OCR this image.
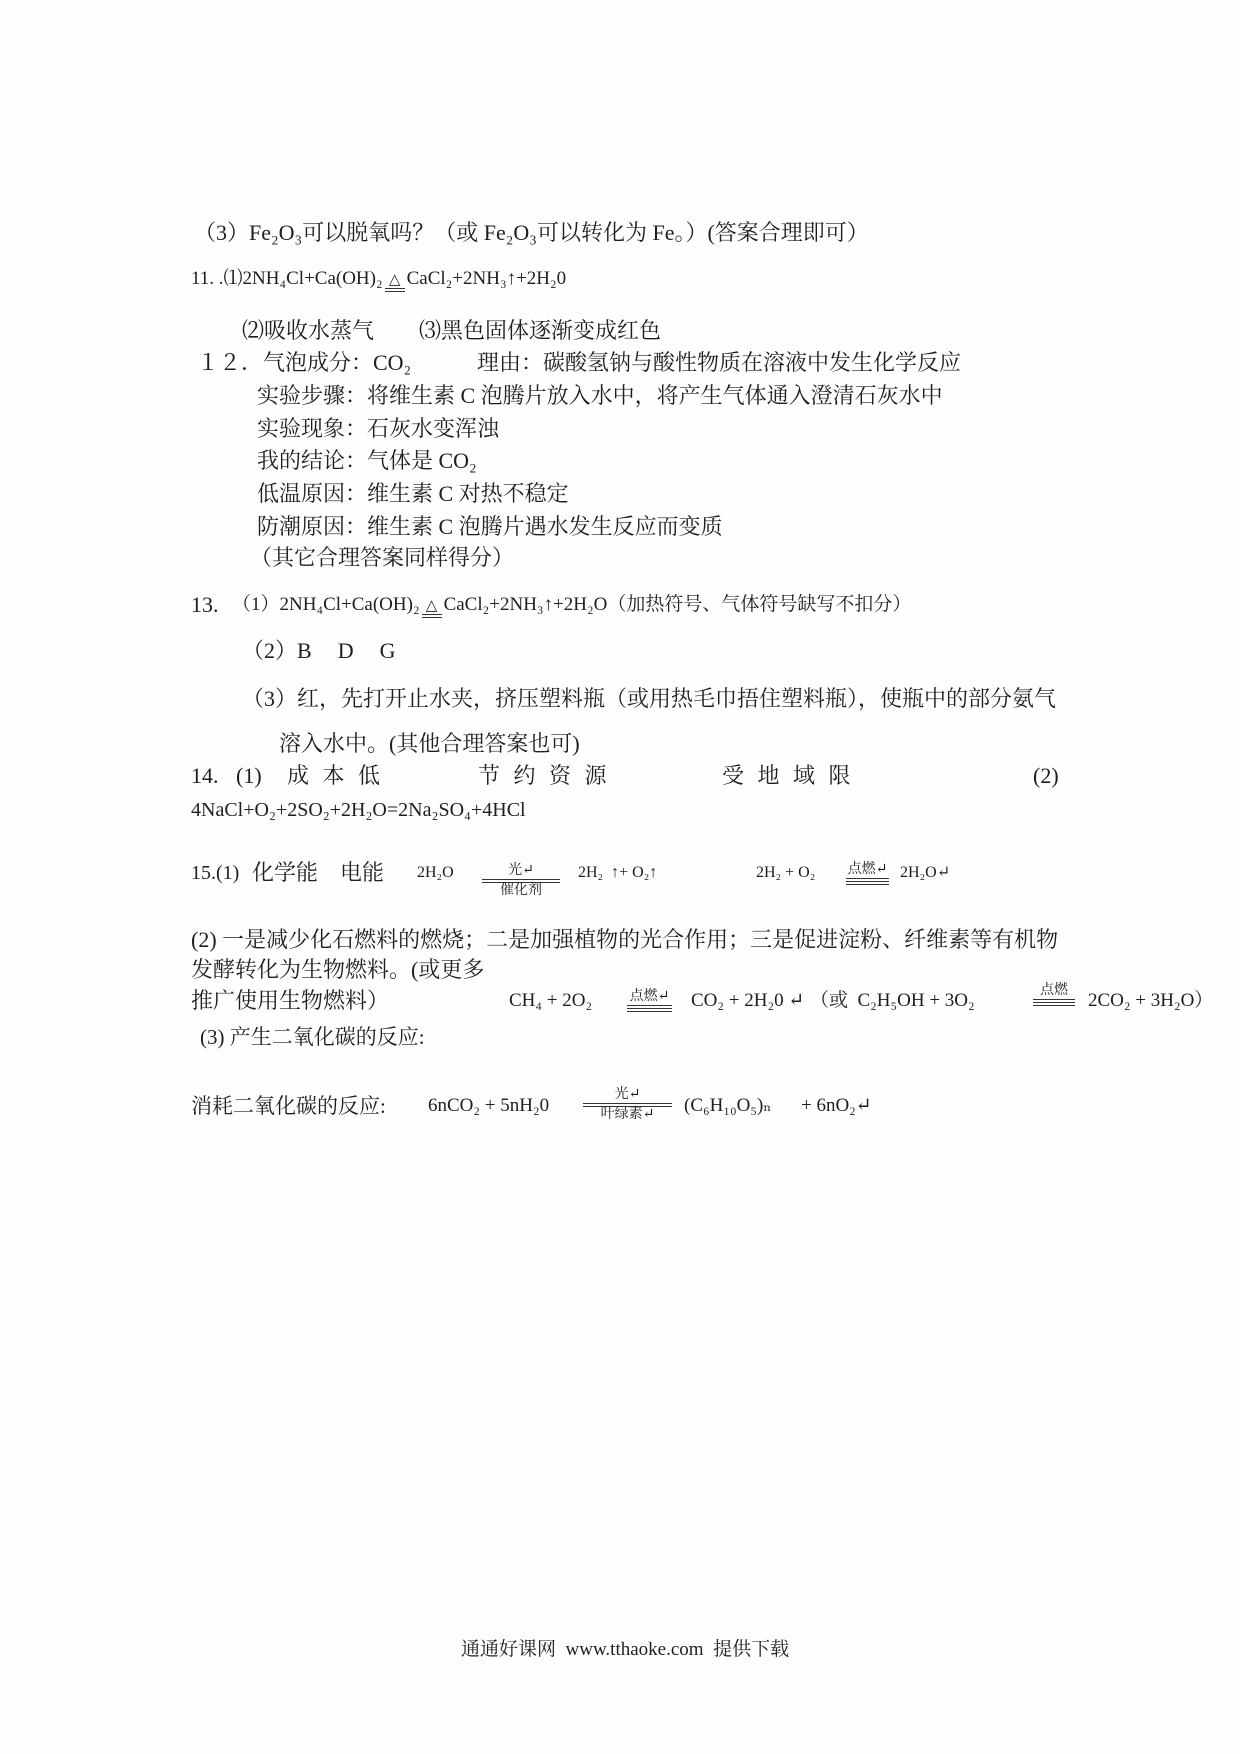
（3）Fe₂O₃可以脱氧吗？（或 Fe₂O₃可以转化为 Fe。）(答案合理即可）
11. .⑴2NH₄Cl+Ca(OH)₂ △ CaCl₂+2NH₃↑+2H₂0
⑵吸收水蒸气 ⑶黑色固体逐渐变成红色
１２．气泡成分：CO₂	理由：碳酸氢钠与酸性物质在溶液中发生化学反应
实验步骤：将维生素 C 泡腾片放入水中，将产生气体通入澄清石灰水中
实验现象：石灰水变浑浊
我的结论：气体是 CO₂
低温原因：维生素 C 对热不稳定
防潮原因：维生素 C 泡腾片遇水发生反应而变质
（其它合理答案同样得分）
13. （1）2NH₄Cl+Ca(OH)₂ △ CaCl₂+2NH₃↑+2H₂O（加热符号、气体符号缺写不扣分）
（2）B D G
（3）红，先打开止水夹，挤压塑料瓶（或用热毛巾捂住塑料瓶），使瓶中的部分氨气
溶入水中。(其他合理答案也可)
14. (1) 成 本 低	节 约 资 源	受 地 域 限	(2)
4NaCl+O₂+2SO₂+2H₂O=2Na₂SO₄+4HCl
15.(1) 化学能 电能 2H₂O	光↵
催化剂
2H₂  ↑+ O₂↑	2H₂ + O₂ 点燃↵ 2H₂O↵
(2) 一是减少化石燃料的燃烧；二是加强植物的光合作用；三是促进淀粉、纤维素等有机物
发酵转化为生物燃料。(或更多
推广使用生物燃料）	CH₄ + 2O₂	点燃↵ CO₂ + 2H₂0 ↵ （或  C₂H₅OH + 3O₂	点燃 2CO₂ + 3H₂O）
(3) 产生二氧化碳的反应:
消耗二氧化碳的反应: 6nCO₂ + 5nH₂0
光↵
叶绿素↵ (C₆H₁₀O₅)ₙ + 6nO₂↵
通通好课网  www.tthaoke.com  提供下载
